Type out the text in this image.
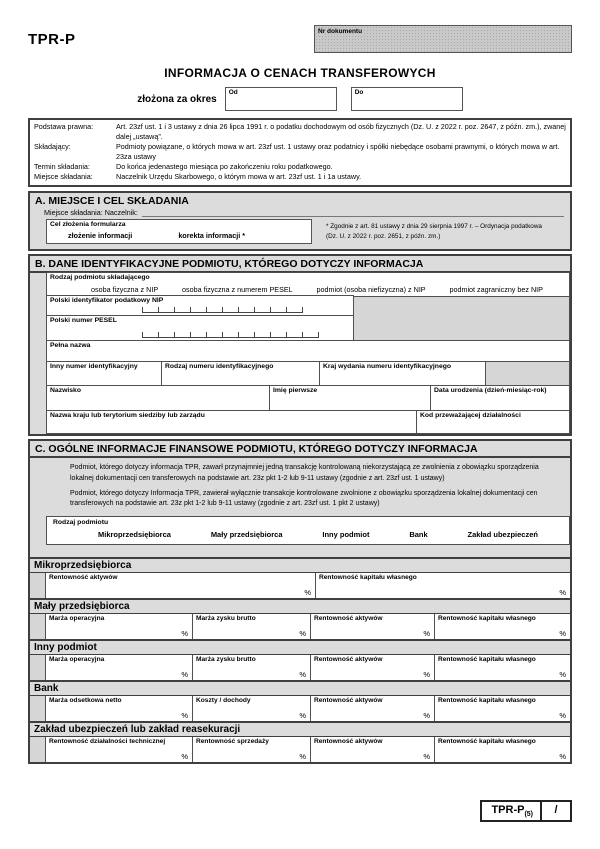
TPR-P	Nr dokumentu
INFORMACJA O CENACH TRANSFEROWYCH
złożona za okres
Od	Do
Podstawa prawna:	Art. 23zf ust. 1 i 3 ustawy z dnia 26 lipca 1991 r. o podatku dochodowym od osób fizycznych (Dz. U. z 2022 r. poz. 2647, z późn. zm.), zwanej dalej „ustawą”.
Składający:	Podmioty powiązane, o których mowa w art. 23zf ust. 1 ustawy oraz podatnicy i spółki niebędące osobami prawnymi, o których mowa w art. 23za ustawy
Termin składania:	Do końca jedenastego miesiąca po zakończeniu roku podatkowego.
Miejsce składania:	Naczelnik Urzędu Skarbowego, o którym mowa w art. 23zf ust. 1 i 1a ustawy.
A. MIEJSCE I CEL SKŁADANIA
Miejsce składania: Naczelnik:
Cel złożenia formularza
złożenie informacji	korekta informacji *
* Zgodnie z art. 81 ustawy z dnia 29 sierpnia 1997 r. – Ordynacja podatkowa
(Dz. U. z 2022 r. poz. 2651, z późn. zm.)
B. DANE IDENTYFIKACYJNE PODMIOTU, KTÓREGO DOTYCZY INFORMACJA
Rodzaj podmiotu składającego
osoba fizyczna z NIP	osoba fizyczna z numerem PESEL	podmiot (osoba niefizyczna) z NIP	podmiot zagraniczny bez NIP
Polski identyfikator podatkowy NIP
Polski numer PESEL
Pełna nazwa
Inny numer identyfikacyjny	Rodzaj numeru identyfikacyjnego	Kraj wydania numeru identyfikacyjnego
Nazwisko	Imię pierwsze	Data urodzenia (dzień-miesiąc-rok)
Nazwa kraju lub terytorium siedziby lub zarządu	Kod przeważającej działalności
C. OGÓLNE INFORMACJE FINANSOWE PODMIOTU, KTÓREGO DOTYCZY INFORMACJA
Podmiot, którego dotyczy informacja TPR, zawarł przynajmniej jedną transakcję kontrolowaną niekorzystającą ze zwolnienia z obowiązku sporządzenia lokalnej dokumentacji cen transferowych na podstawie art. 23z pkt 1-2 lub 9-11 ustawy (zgodnie z art. 23zf ust. 1 ustawy)
Podmiot, którego dotyczy Informacja TPR, zawierał wyłącznie transakcje kontrolowane zwolnione z obowiązku sporządzenia lokalnej dokumentacji cen transferowych na podstawie art. 23z pkt 1-2 lub 9-11 ustawy (zgodnie z art. 23zf ust. 1 pkt 2 ustawy)
Rodzaj podmiotu
Mikroprzedsiębiorca	Mały przedsiębiorca	Inny podmiot	Bank	Zakład ubezpieczeń
Mikroprzedsiębiorca
Rentowność aktywów
%
Rentowność kapitału własnego
%
Mały przedsiębiorca
Marża operacyjna
%
Marża zysku brutto
%
Rentowność aktywów
%
Rentowność kapitału własnego
%
Inny podmiot
Marża operacyjna
%
Marża zysku brutto
%
Rentowność aktywów
%
Rentowność kapitału własnego
%
Bank
Marża odsetkowa netto
%
Koszty / dochody
%
Rentowność aktywów
%
Rentowność kapitału własnego
%
Zakład ubezpieczeń lub zakład reasekuracji
Rentowność działalności technicznej
%
Rentowność sprzedaży
%
Rentowność aktywów
%
Rentowność kapitału własnego
%
TPR-$P_{(5)}$	/
